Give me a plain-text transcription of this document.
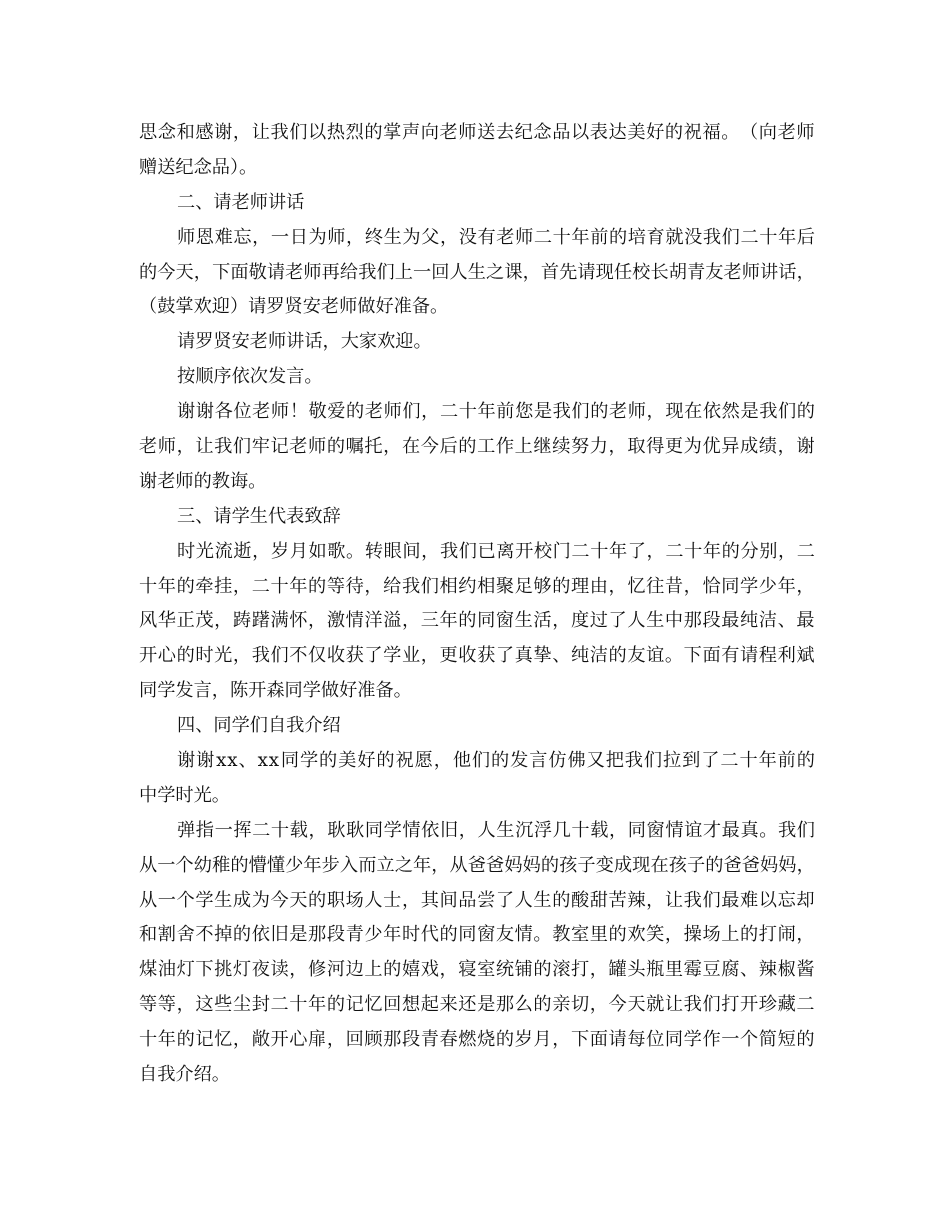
思 念 和 感 谢 ， 让 我 们 以 热 烈 的 掌 声 向 老 师 送 去 纪 念 品 以 表 达 美 好 的 祝 福 。 （ 向 老 师
赠送纪念品）。
二、请老师讲话
师 恩 难 忘 ， 一 日 为 师 ， 终 生 为 父 ， 没 有 老 师 二 十 年 前 的 培 育 就 没 我 们 二 十 年 后
的 今 天 ， 下 面 敬 请 老 师 再 给 我 们 上 一 回 人 生 之 课 ， 首 先 请 现 任 校 长 胡 青 友 老 师 讲 话 ，
（鼓掌欢迎）请罗贤安老师做好准备。
请罗贤安老师讲话，大家欢迎。
按顺序依次发言。
谢 谢 各 位 老 师 ！ 敬 爱 的 老 师 们 ， 二 十 年 前 您 是 我 们 的 老 师 ， 现 在 依 然 是 我 们 的
老 师 ， 让 我 们 牢 记 老 师 的 嘱 托 ， 在 今 后 的 工 作 上 继 续 努 力 ， 取 得 更 为 优 异 成 绩 ， 谢
谢老师的教诲。
三、请学生代表致辞
时 光 流 逝 ， 岁 月 如 歌 。 转 眼 间 ， 我 们 已 离 开 校 门 二 十 年 了 ， 二 十 年 的 分 别 ， 二
十 年 的 牵 挂 ， 二 十 年 的 等 待 ， 给 我 们 相 约 相 聚 足 够 的 理 由 ， 忆 往 昔 ， 恰 同 学 少 年 ，
风 华 正 茂 ， 踌 躇 满 怀 ， 激 情 洋 溢 ， 三 年 的 同 窗 生 活 ， 度 过 了 人 生 中 那 段 最 纯 洁 、 最
开 心 的 时 光 ， 我 们 不 仅 收 获 了 学 业 ， 更 收 获 了 真 挚 、 纯 洁 的 友 谊 。 下 面 有 请 程 利 斌
同学发言，陈开森同学做好准备。
四、同学们自我介绍
谢 谢 x x 、 x x 同 学 的 美 好 的 祝 愿 ， 他 们 的 发 言 仿 佛 又 把 我 们 拉 到 了 二 十 年 前 的
中学时光。
弹 指 一 挥 二 十 载 ， 耿 耿 同 学 情 依 旧 ， 人 生 沉 浮 几 十 载 ， 同 窗 情 谊 才 最 真 。 我 们
从 一 个 幼 稚 的 懵 懂 少 年 步 入 而 立 之 年 ， 从 爸 爸 妈 妈 的 孩 子 变 成 现 在 孩 子 的 爸 爸 妈 妈 ，
从 一 个 学 生 成 为 今 天 的 职 场 人 士 ， 其 间 品 尝 了 人 生 的 酸 甜 苦 辣 ， 让 我 们 最 难 以 忘 却
和 割 舍 不 掉 的 依 旧 是 那 段 青 少 年 时 代 的 同 窗 友 情 。 教 室 里 的 欢 笑 ， 操 场 上 的 打 闹 ，
煤 油 灯 下 挑 灯 夜 读 ， 修 河 边 上 的 嬉 戏 ， 寝 室 统 铺 的 滚 打 ， 罐 头 瓶 里 霉 豆 腐 、 辣 椒 酱
等 等 ， 这 些 尘 封 二 十 年 的 记 忆 回 想 起 来 还 是 那 么 的 亲 切 ， 今 天 就 让 我 们 打 开 珍 藏 二
十 年 的 记 忆 ， 敞 开 心 扉 ， 回 顾 那 段 青 春 燃 烧 的 岁 月 ， 下 面 请 每 位 同 学 作 一 个 简 短 的
自我介绍。
